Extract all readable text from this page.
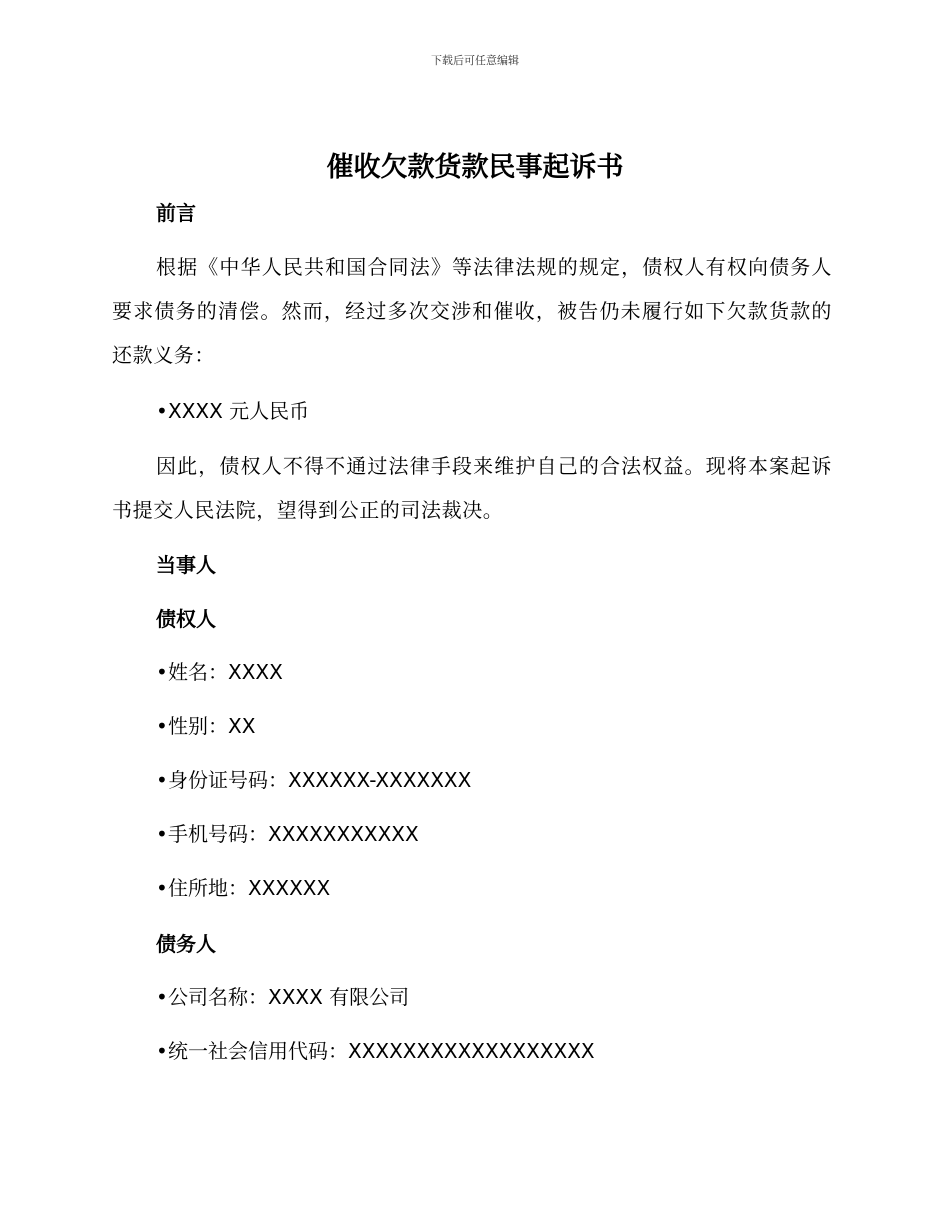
下载后可任意编辑
催收欠款货款民事起诉书
前言
根据《中华人民共和国合同法》等法律法规的规定，债权人有权向债务人要求债务的清偿。然而，经过多次交涉和催收，被告仍未履行如下欠款货款的还款义务：
•XXXX 元人民币
因此，债权人不得不通过法律手段来维护自己的合法权益。现将本案起诉书提交人民法院，望得到公正的司法裁决。
当事人
债权人
•姓名：XXXX
•性别：XX
•身份证号码：XXXXXX-XXXXXXX
•手机号码：XXXXXXXXXXX
•住所地：XXXXXX
债务人
•公司名称：XXXX 有限公司
•统一社会信用代码：XXXXXXXXXXXXXXXXXX
